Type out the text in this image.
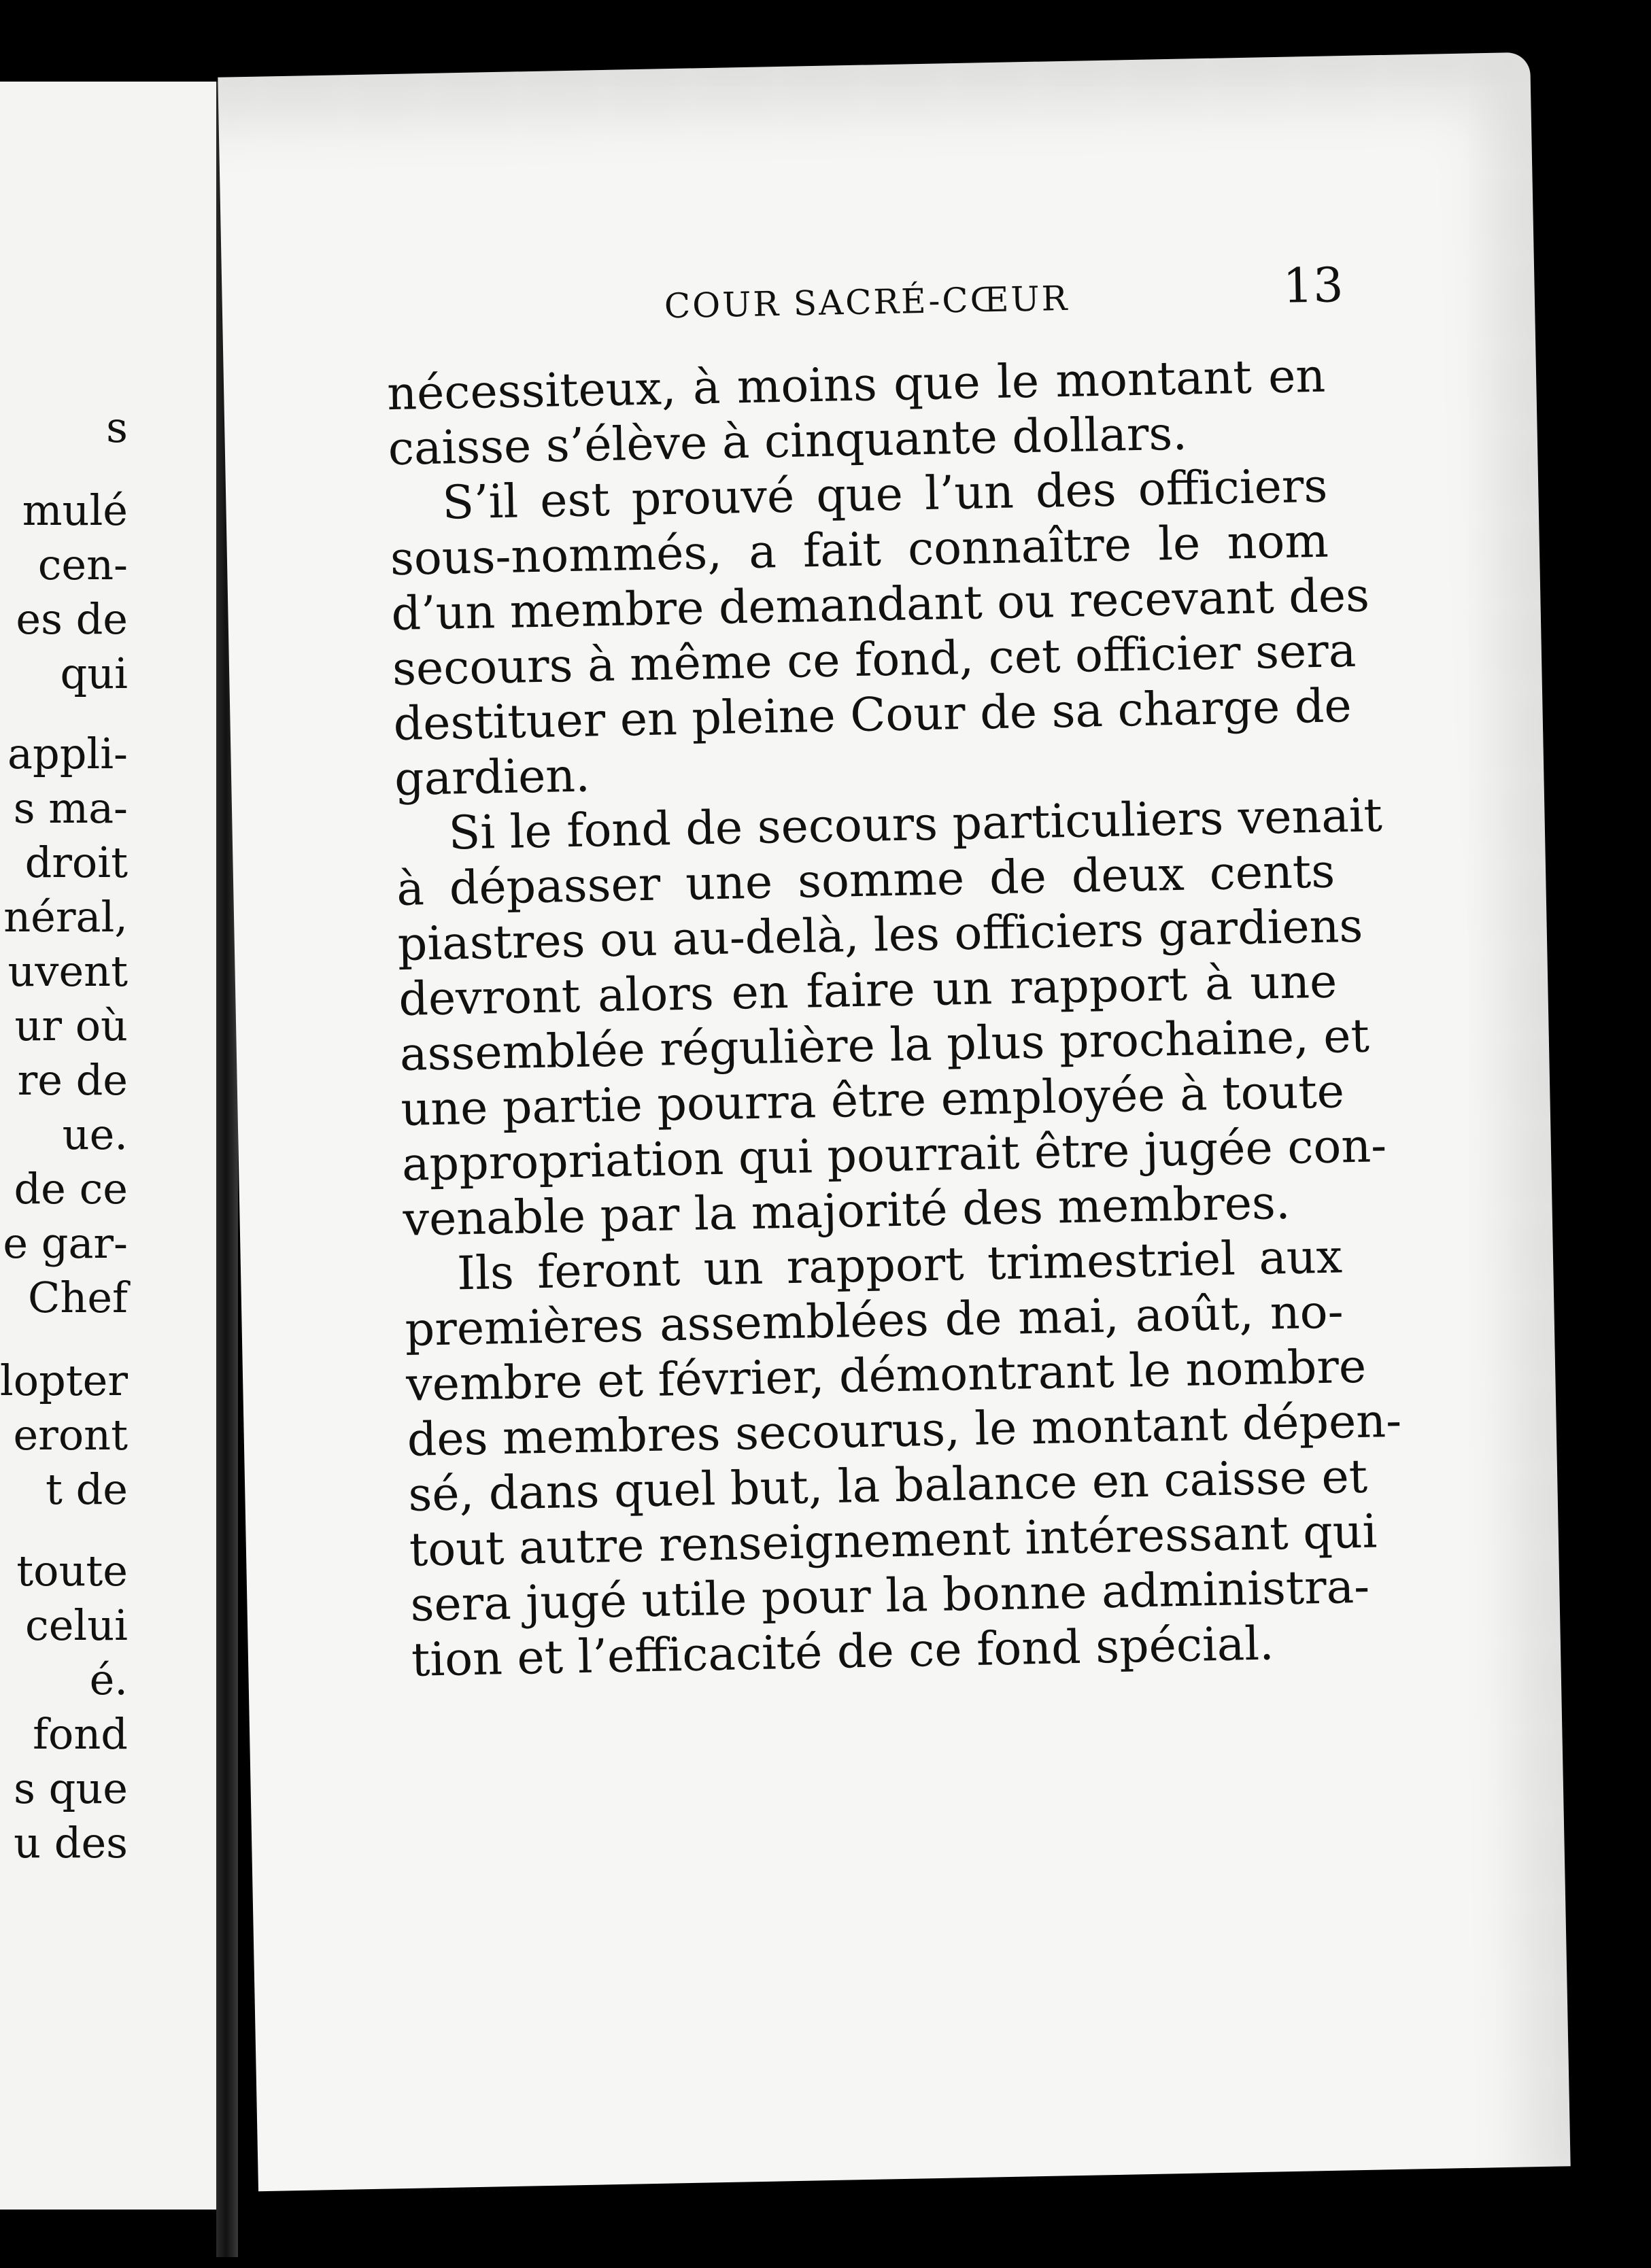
s
mulé
cen-
es de
qui
appli-
s ma-
droit
néral,
uvent
ur où
re de
ue.
de ce
e gar-
Chef
lopter
eront
t de
toute
celui
é.
fond
s que
u des
COUR SACRÉ-CŒUR	13
nécessiteux, à moins que le montant en
caisse s’élève à cinquante dollars.
S’il est prouvé que l’un des officiers
sous-nommés, a fait connaître le nom
d’un membre demandant ou recevant des
secours à même ce fond, cet officier sera
destituer en pleine Cour de sa charge de
gardien.
Si le fond de secours particuliers venait
à dépasser une somme de deux cents
piastres ou au-delà, les officiers gardiens
devront alors en faire un rapport à une
assemblée régulière la plus prochaine, et
une partie pourra être employée à toute
appropriation qui pourrait être jugée con-
venable par la majorité des membres.
Ils feront un rapport trimestriel aux
premières assemblées de mai, août, no-
vembre et février, démontrant le nombre
des membres secourus, le montant dépen-
sé, dans quel but, la balance en caisse et
tout autre renseignement intéressant qui
sera jugé utile pour la bonne administra-
tion et l’efficacité de ce fond spécial.
